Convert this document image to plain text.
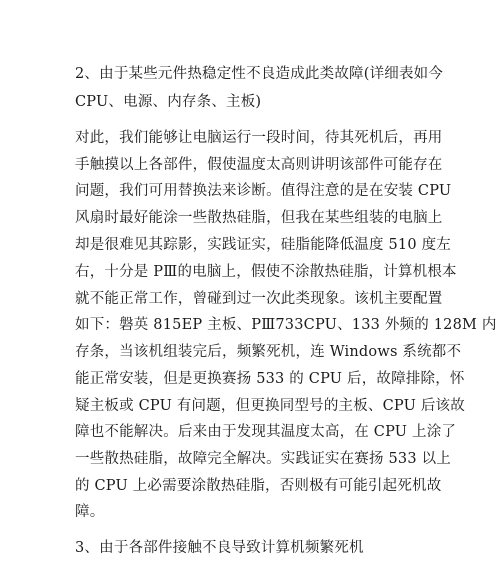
2、由于某些元件热稳定性不良造成此类故障(详细表如今
CPU、电源、内存条、主板)
对此，我们能够让电脑运行一段时间，待其死机后，再用
手触摸以上各部件，假使温度太高则讲明该部件可能存在
问题，我们可用替换法来诊断。值得注意的是在安装 CPU
风扇时最好能涂一些散热硅脂，但我在某些组装的电脑上
却是很难见其踪影，实践证实，硅脂能降低温度 510 度左
右，十分是 PⅢ的电脑上，假使不涂散热硅脂，计算机根本
就不能正常工作，曾碰到过一次此类现象。该机主要配置
如下：磐英 815EP 主板、PⅢ733CPU、133 外频的 128M 内
存条，当该机组装完后，频繁死机，连 Windows 系统都不
能正常安装，但是更换赛扬 533 的 CPU 后，故障排除，怀
疑主板或 CPU 有问题，但更换同型号的主板、CPU 后该故
障也不能解决。后来由于发现其温度太高，在 CPU 上涂了
一些散热硅脂，故障完全解决。实践证实在赛扬 533 以上
的 CPU 上必需要涂散热硅脂，否则极有可能引起死机故
障。
3、由于各部件接触不良导致计算机频繁死机
